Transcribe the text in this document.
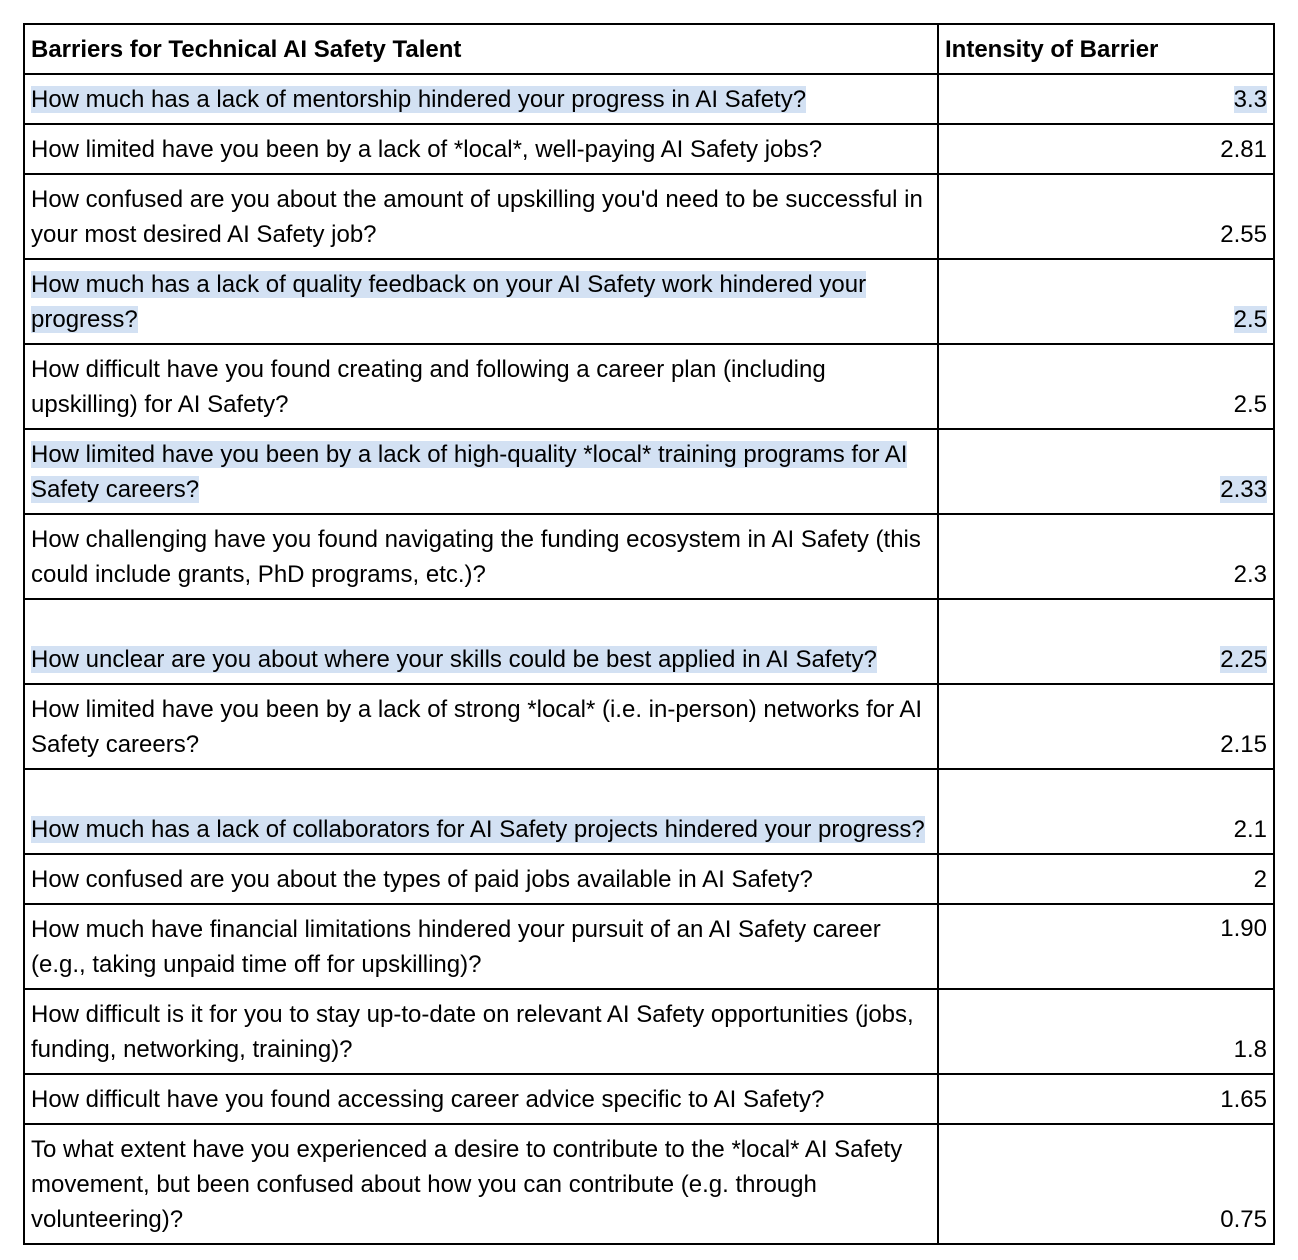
Barriers for Technical AI Safety Talent	Intensity of Barrier
How much has a lack of mentorship hindered your progress in AI Safety?	3.3
How limited have you been by a lack of *local*, well-paying AI Safety jobs?	2.81
How confused are you about the amount of upskilling you'd need to be successful in your most desired AI Safety job?	2.55
How much has a lack of quality feedback on your AI Safety work hindered your progress?	2.5
How difficult have you found creating and following a career plan (including upskilling) for AI Safety?	2.5
How limited have you been by a lack of high-quality *local* training programs for AI Safety careers?	2.33
How challenging have you found navigating the funding ecosystem in AI Safety (this could include grants, PhD programs, etc.)?	2.3
How unclear are you about where your skills could be best applied in AI Safety?	2.25
How limited have you been by a lack of strong *local* (i.e. in-person) networks for AI Safety careers?	2.15
How much has a lack of collaborators for AI Safety projects hindered your progress?	2.1
How confused are you about the types of paid jobs available in AI Safety?	2
How much have financial limitations hindered your pursuit of an AI Safety career (e.g., taking unpaid time off for upskilling)?	1.90
How difficult is it for you to stay up-to-date on relevant AI Safety opportunities (jobs, funding, networking, training)?	1.8
How difficult have you found accessing career advice specific to AI Safety?	1.65
To what extent have you experienced a desire to contribute to the *local* AI Safety movement, but been confused about how you can contribute (e.g. through volunteering)?	0.75
